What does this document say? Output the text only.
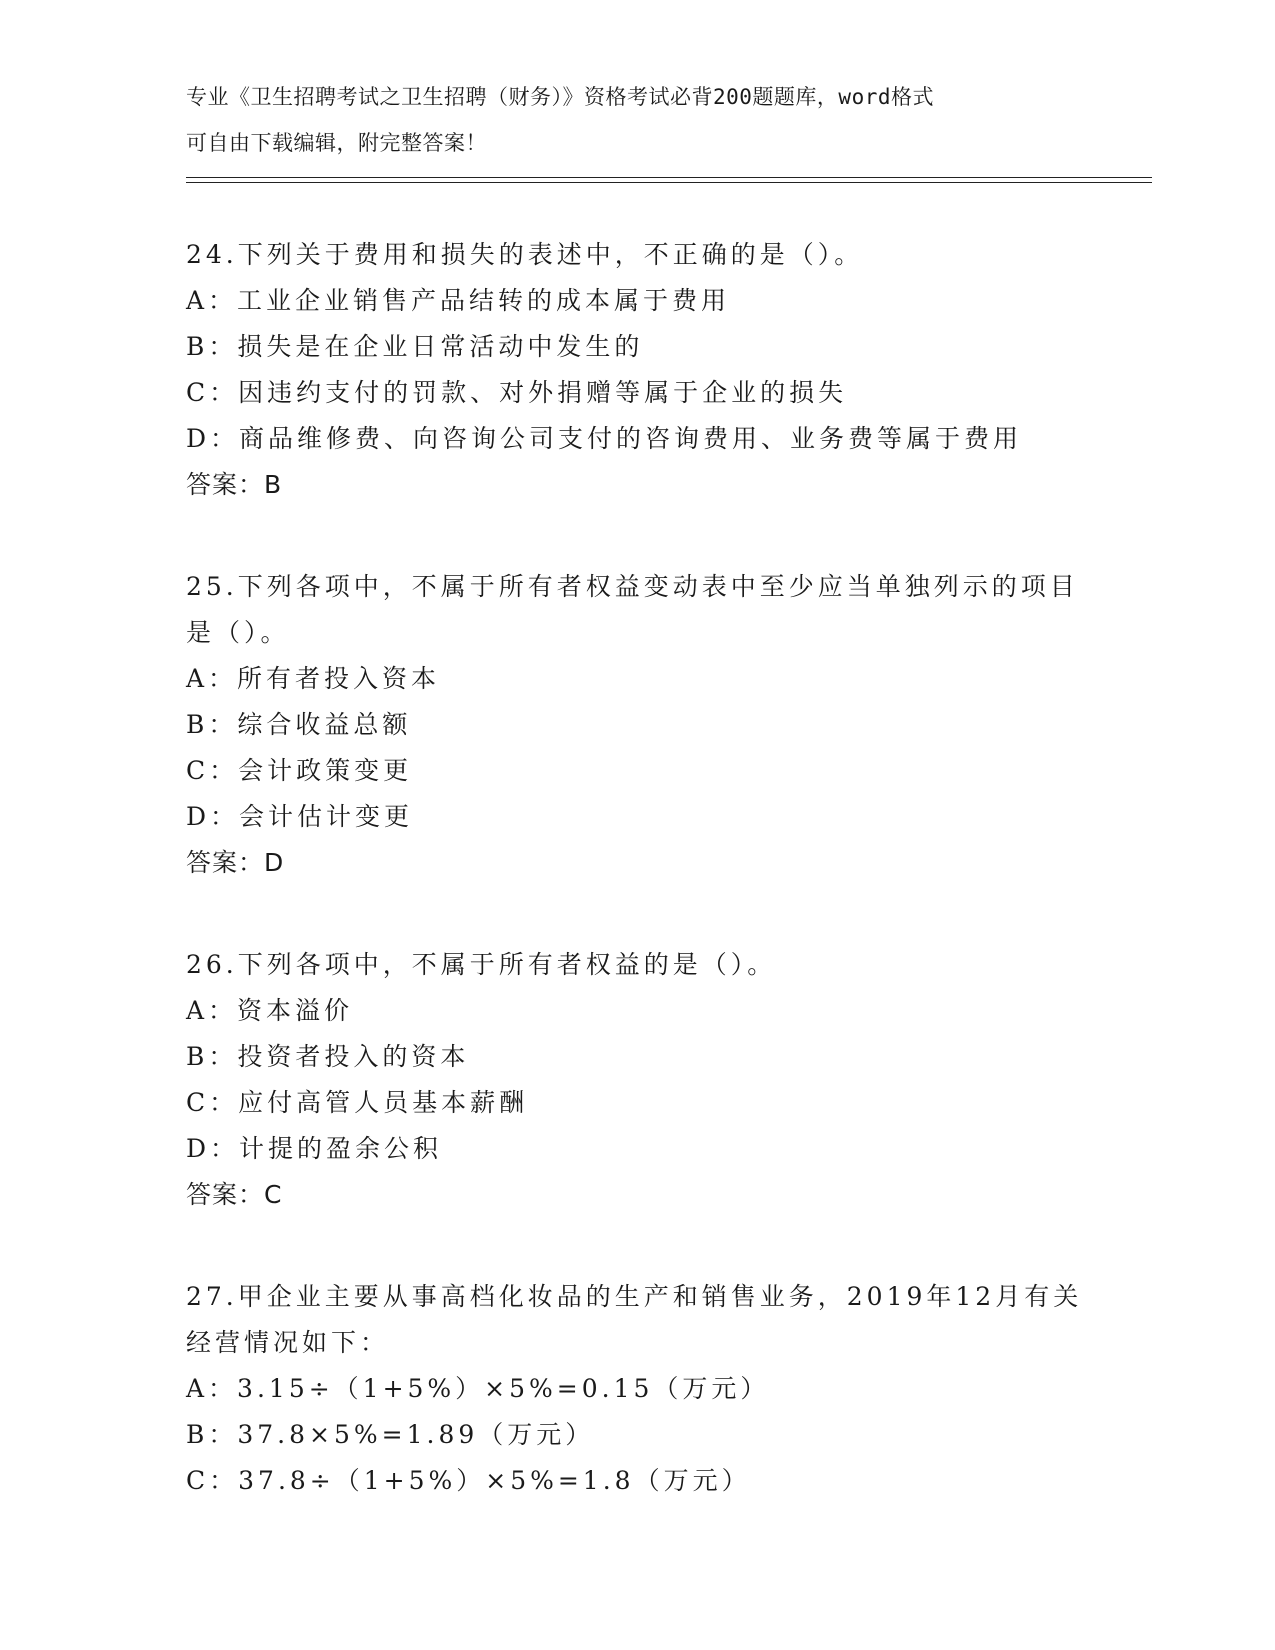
专业《卫生招聘考试之卫生招聘（财务）》资格考试必背200题题库，word格式
可自由下载编辑，附完整答案！
24.下列关于费用和损失的表述中，不正确的是（）。
A：工业企业销售产品结转的成本属于费用
B：损失是在企业日常活动中发生的
C：因违约支付的罚款、对外捐赠等属于企业的损失
D：商品维修费、向咨询公司支付的咨询费用、业务费等属于费用
答案：B
25.下列各项中，不属于所有者权益变动表中至少应当单独列示的项目
是（）。
A：所有者投入资本
B：综合收益总额
C：会计政策变更
D：会计估计变更
答案：D
26.下列各项中，不属于所有者权益的是（）。
A：资本溢价
B：投资者投入的资本
C：应付高管人员基本薪酬
D：计提的盈余公积
答案：C
27.甲企业主要从事高档化妆品的生产和销售业务，2019年12月有关
经营情况如下：
A：3.15÷（1+5%）×5%=0.15（万元）
B：37.8×5%=1.89（万元）
C：37.8÷（1+5%）×5%=1.8（万元）
